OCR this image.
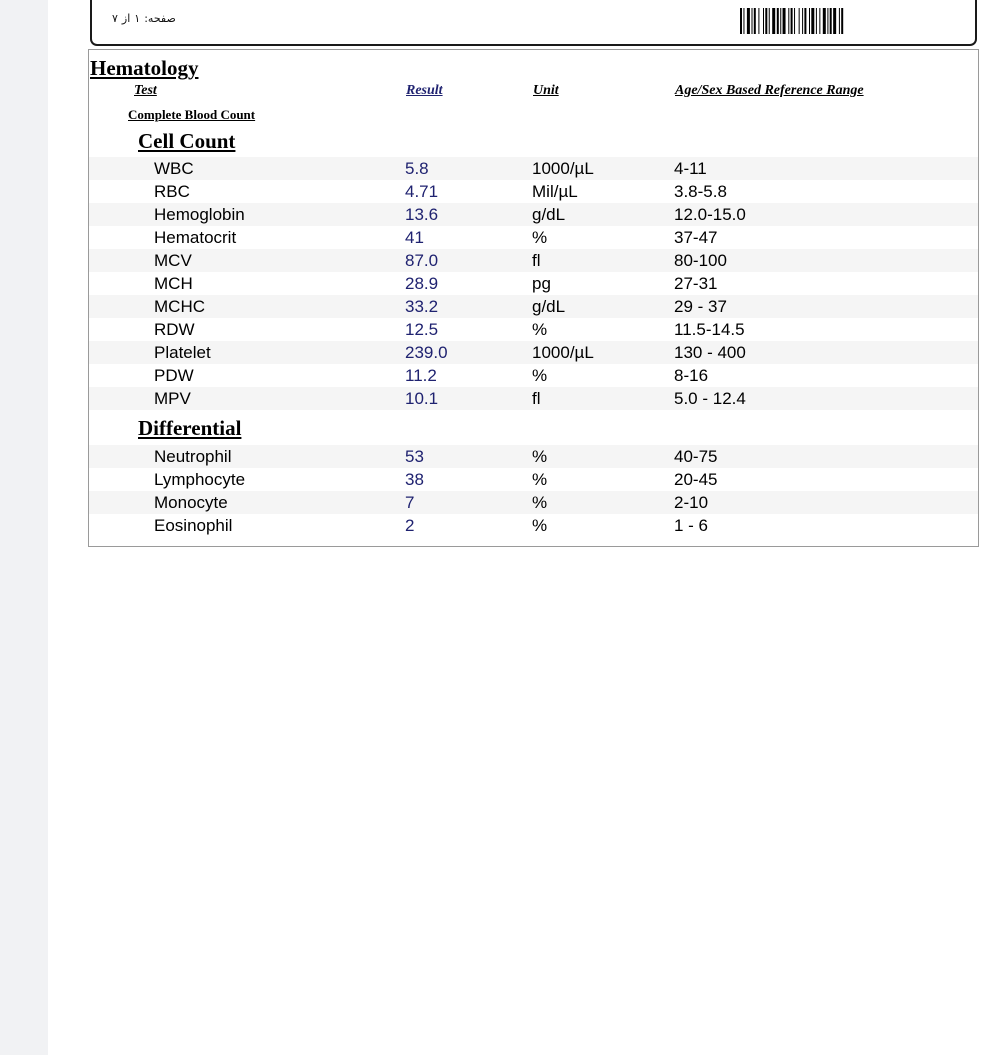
صفحه:۱از۷
Hematology
Test	Result	Unit	Age/Sex Based Reference Range
Complete Blood Count
Cell Count
WBC	5.8	1000/µL	4-11
RBC	4.71	Mil/µL	3.8-5.8
Hemoglobin	13.6	g/dL	12.0-15.0
Hematocrit	41	%	37-47
MCV	87.0	fl	80-100
MCH	28.9	pg	27-31
MCHC	33.2	g/dL	29 - 37
RDW	12.5	%	11.5-14.5
Platelet	239.0	1000/µL	130 - 400
PDW	11.2	%	8-16
MPV	10.1	fl	5.0 - 12.4
Differential
Neutrophil	53	%	40-75
Lymphocyte	38	%	20-45
Monocyte	7	%	2-10
Eosinophil	2	%	1 - 6
